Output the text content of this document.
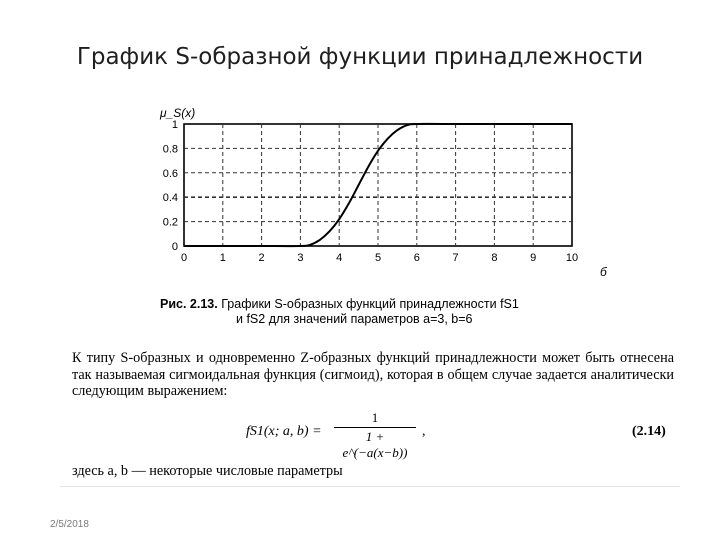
График S-образной функции принадлежности
0	1	2	3	4	5	6	7	8	9	10
0
0.2
0.4
0.6
0.8
1
μ_S(x)
б
Рис. 2.13. Графики S-образных функций принадлежности fS1
и fS2 для значений параметров a=3, b=6
К типу S-образных и одновременно Z-образных функций принадлежности может быть отнесена так называемая сигмоидальная функция (сигмоид), которая в общем случае задается аналитически следующим выражением:
fS1(x; a, b) =
1
1 + e^(−a(x−b))
,	(2.14)
здесь a, b — некоторые числовые параметры
2/5/2018
